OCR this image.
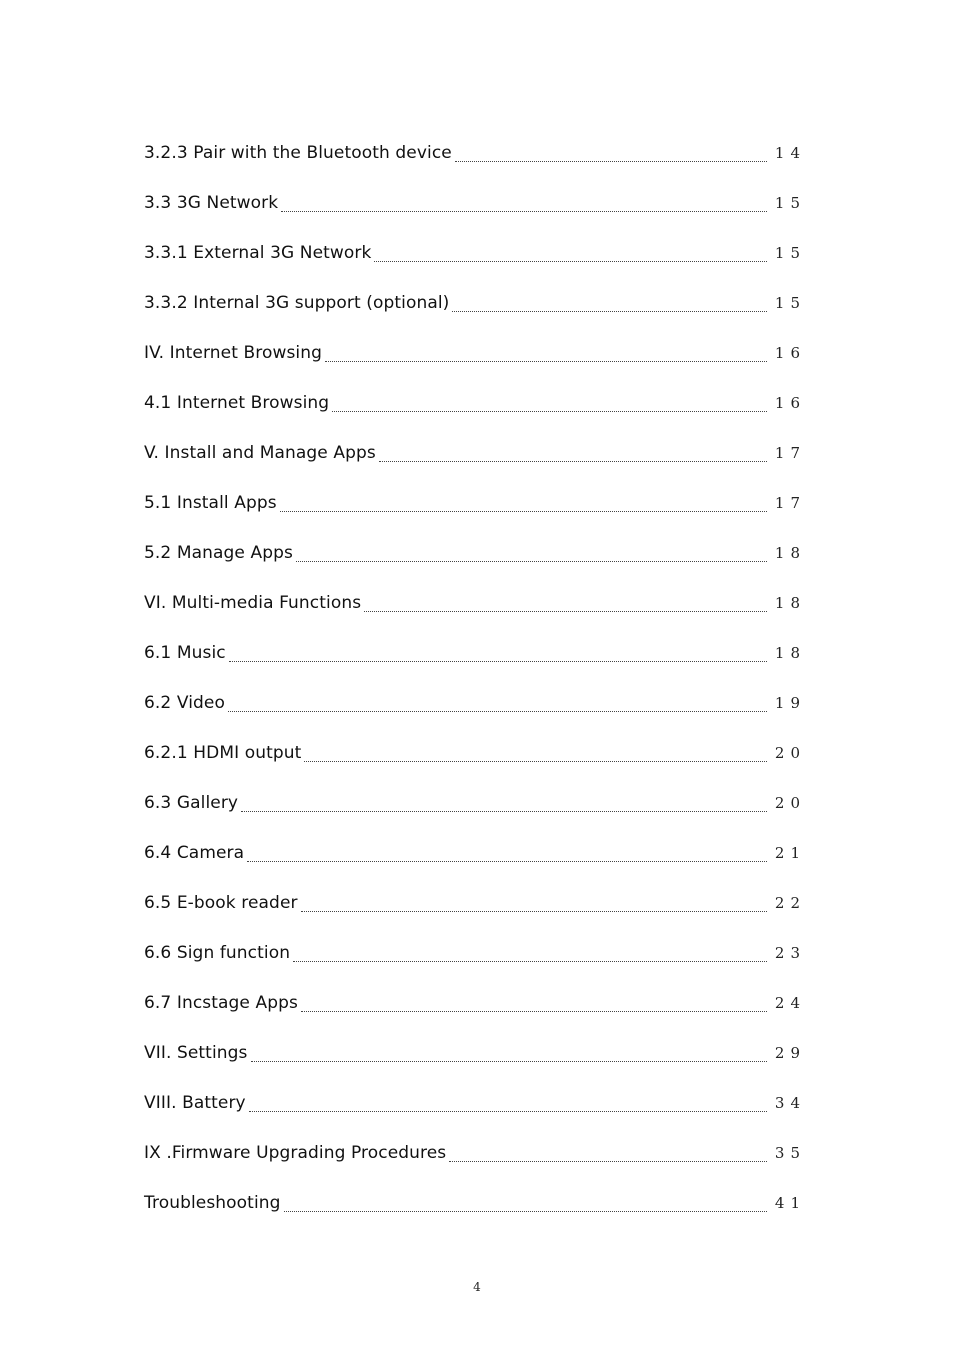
3.2.3 Pair with the Bluetooth device	14
3.3 3G Network	15
3.3.1 External 3G Network	15
3.3.2 Internal 3G support (optional)	15
IV. Internet Browsing	16
4.1 Internet Browsing	16
V. Install and Manage Apps	17
5.1 Install Apps	17
5.2 Manage Apps	18
VI. Multi-media Functions	18
6.1 Music	18
6.2 Video	19
6.2.1 HDMI output	20
6.3 Gallery	20
6.4 Camera	21
6.5 E-book reader	22
6.6 Sign function	23
6.7 Incstage Apps	24
VII. Settings	29
VIII. Battery	34
IX .Firmware Upgrading Procedures	35
Troubleshooting	41
4
